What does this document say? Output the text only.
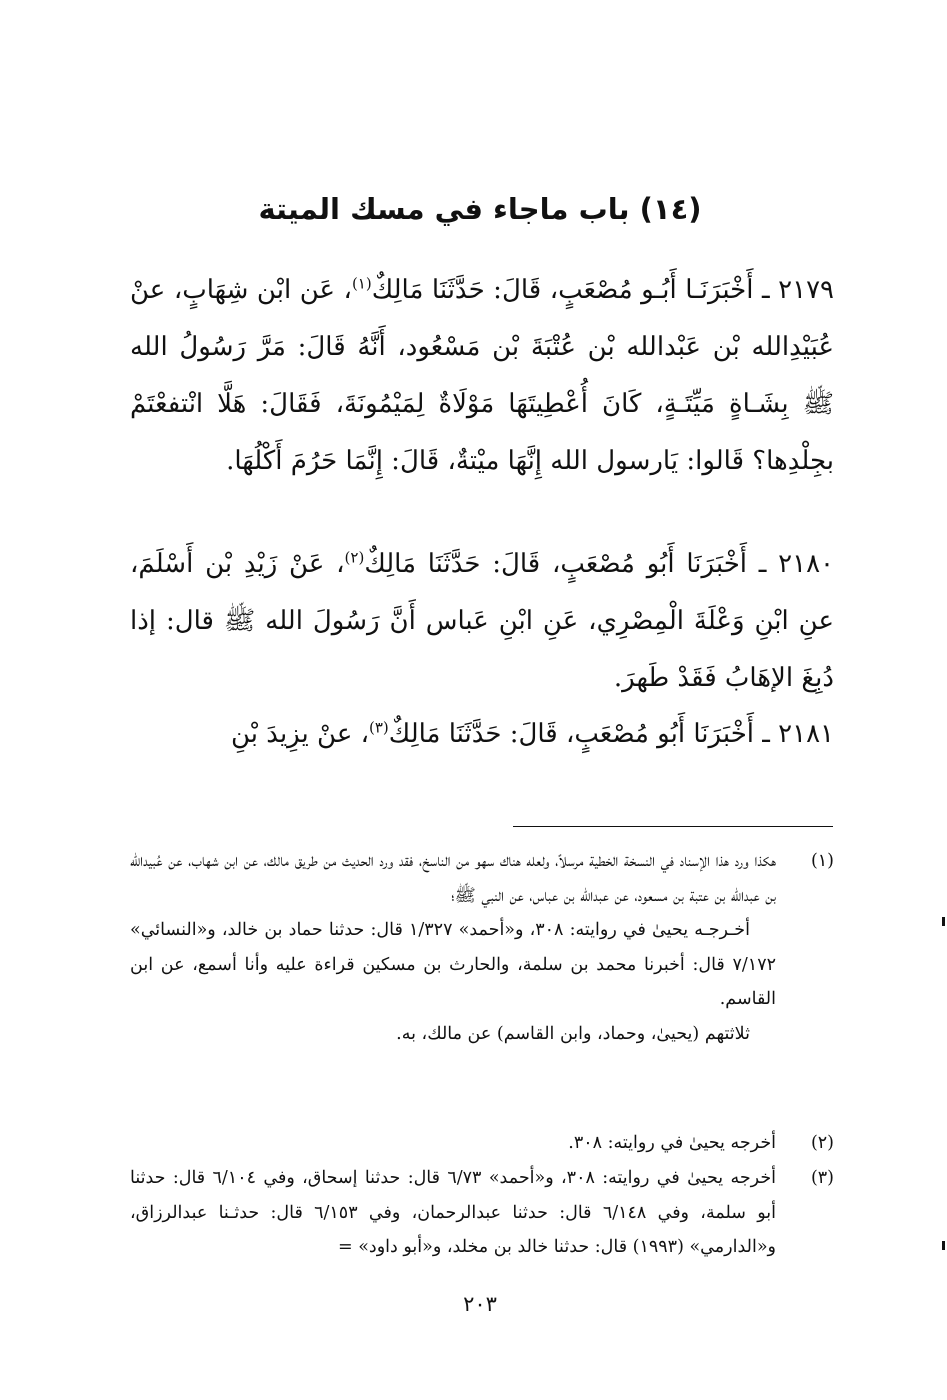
(١٤) باب ماجاء في مسك الميتة
٢١٧٩ ـ أَخْبَرَنَـا أَبُـو مُصْعَبٍ، قَالَ: حَدَّثَنَا مَالِكٌ$^{(١)}$، عَن ابْن شِهَابٍ، عنْ عُبَيْدِالله بْن عَبْدالله بْن عُتْبَةَ بْن مَسْعُود، أَنَّهُ قَالَ: مَرَّ رَسُولُ الله ﷺ بِشَـاةٍ مَيِّتَـةٍ، كَانَ أُعْطِيتَهَا مَوْلَاةٌ لِمَيْمُونَةَ، فَقَالَ: هَلَّا انْتفعْتَمْ بجِلْدِها؟ قَالوا: يَارسول الله إِنَّهَا ميْتةٌ، قَالَ: إِنَّمَا حَرُمَ أَكْلُهَا.
٢١٨٠ ـ أَخْبَرَنَا أَبُو مُصْعَبٍ، قَالَ: حَدَّثَنَا مَالِكٌ$^{(٢)}$، عَنْ زَيْدِ بْن أَسْلَمَ، عنِ ابْنِ وَعْلَةَ الْمِصْرِي، عَنِ ابْنِ عَباس أَنَّ رَسُولَ الله ﷺ قال: إذا دُبِغَ الإهَابُ فَقَدْ طَهرَ.
٢١٨١ ـ أَخْبَرَنَا أَبُو مُصْعَبٍ، قَالَ: حَدَّثَنَا مَالِكٌ$^{(٣)}$، عنْ يزِيدَ بْنِ
(١)

هكذا ورد هذا الإسناد في النسخة الخطية مرسلاً، ولعله هناك سهو من الناسخ، فقد ورد الحديث من طريق مالك، عن ابن شهاب، عن عُبيدالله بن عبدالله بن عتبة بن مسعود، عن عبدالله بن عباس، عن النبي ﷺ؛

أخـرجـه يحيىٰ في روايته: ٣٠٨، و«أحمد» ١/٣٢٧ قال: حدثنا حماد بن خالد، و«النسائي» ٧/١٧٢ قال: أخبرنا محمد بن سلمة، والحارث بن مسكين قراءة عليه وأنا أسمع، عن ابن القاسم.

ثلاثتهم (يحيىٰ، وحماد، وابن القاسم) عن مالك، به.

(٢)

أخرجه يحيىٰ في روايته: ٣٠٨.

(٣)

أخرجه يحيىٰ في روايته: ٣٠٨، و«أحمد» ٦/٧٣ قال: حدثنا إسحاق، وفي ٦/١٠٤ قال: حدثنا أبو سلمة، وفي ٦/١٤٨ قال: حدثنا عبدالرحمان، وفي ٦/١٥٣ قال: حدثـنا عبدالرزاق، و«الدارمي» (١٩٩٣) قال: حدثنا خالد بن مخلد، و«أبو داود» =

٢٠٣
